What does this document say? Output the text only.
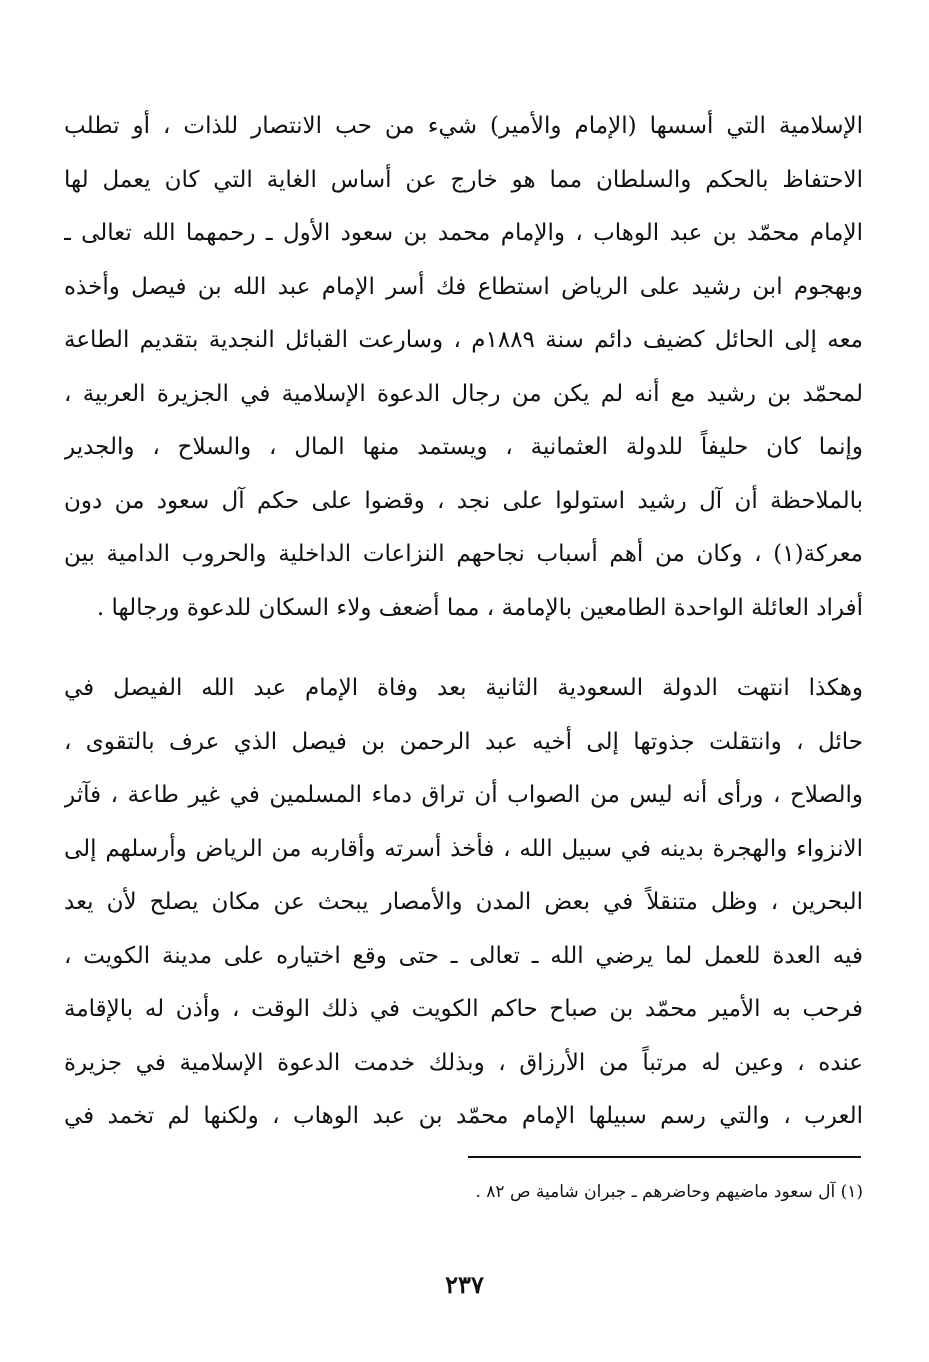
الإسلامية التي أسسها (الإمام والأمير) شيء من حب الانتصار للذات ، أو تطلب
الاحتفاظ بالحكم والسلطان مما هو خارج عن أساس الغاية التي كان يعمل لها
الإمام محمّد بن عبد الوهاب ، والإمام محمد بن سعود الأول ـ رحمهما الله تعالى ـ
وبهجوم ابن رشيد على الرياض استطاع فك أسر الإمام عبد الله بن فيصل وأخذه
معه إلى الحائل كضيف دائم سنة ١٨٨٩م ، وسارعت القبائل النجدية بتقديم الطاعة
لمحمّد بن رشيد مع أنه لم يكن من رجال الدعوة الإسلامية في الجزيرة العربية ،
وإنما كان حليفاً للدولة العثمانية ، ويستمد منها المال ، والسلاح ، والجدير
بالملاحظة أن آل رشيد استولوا على نجد ، وقضوا على حكم آل سعود من دون
معركة(١) ، وكان من أهم أسباب نجاحهم النزاعات الداخلية والحروب الدامية بين
أفراد العائلة الواحدة الطامعين بالإمامة ، مما أضعف ولاء السكان للدعوة ورجالها .
وهكذا انتهت الدولة السعودية الثانية بعد وفاة الإمام عبد الله الفيصل في
حائل ، وانتقلت جذوتها إلى أخيه عبد الرحمن بن فيصل الذي عرف بالتقوى ،
والصلاح ، ورأى أنه ليس من الصواب أن تراق دماء المسلمين في غير طاعة ، فآثر
الانزواء والهجرة بدينه في سبيل الله ، فأخذ أسرته وأقاربه من الرياض وأرسلهم إلى
البحرين ، وظل متنقلاً في بعض المدن والأمصار يبحث عن مكان يصلح لأن يعد
فيه العدة للعمل لما يرضي الله ـ تعالى ـ حتى وقع اختياره على مدينة الكويت ،
فرحب به الأمير محمّد بن صباح حاكم الكويت في ذلك الوقت ، وأذن له بالإقامة
عنده ، وعين له مرتباً من الأرزاق ، وبذلك خدمت الدعوة الإسلامية في جزيرة
العرب ، والتي رسم سبيلها الإمام محمّد بن عبد الوهاب ، ولكنها لم تخمد في
(١) آل سعود ماضيهم وحاضرهم ـ جبران شامية ص ٨٢ .
٢٣٧
